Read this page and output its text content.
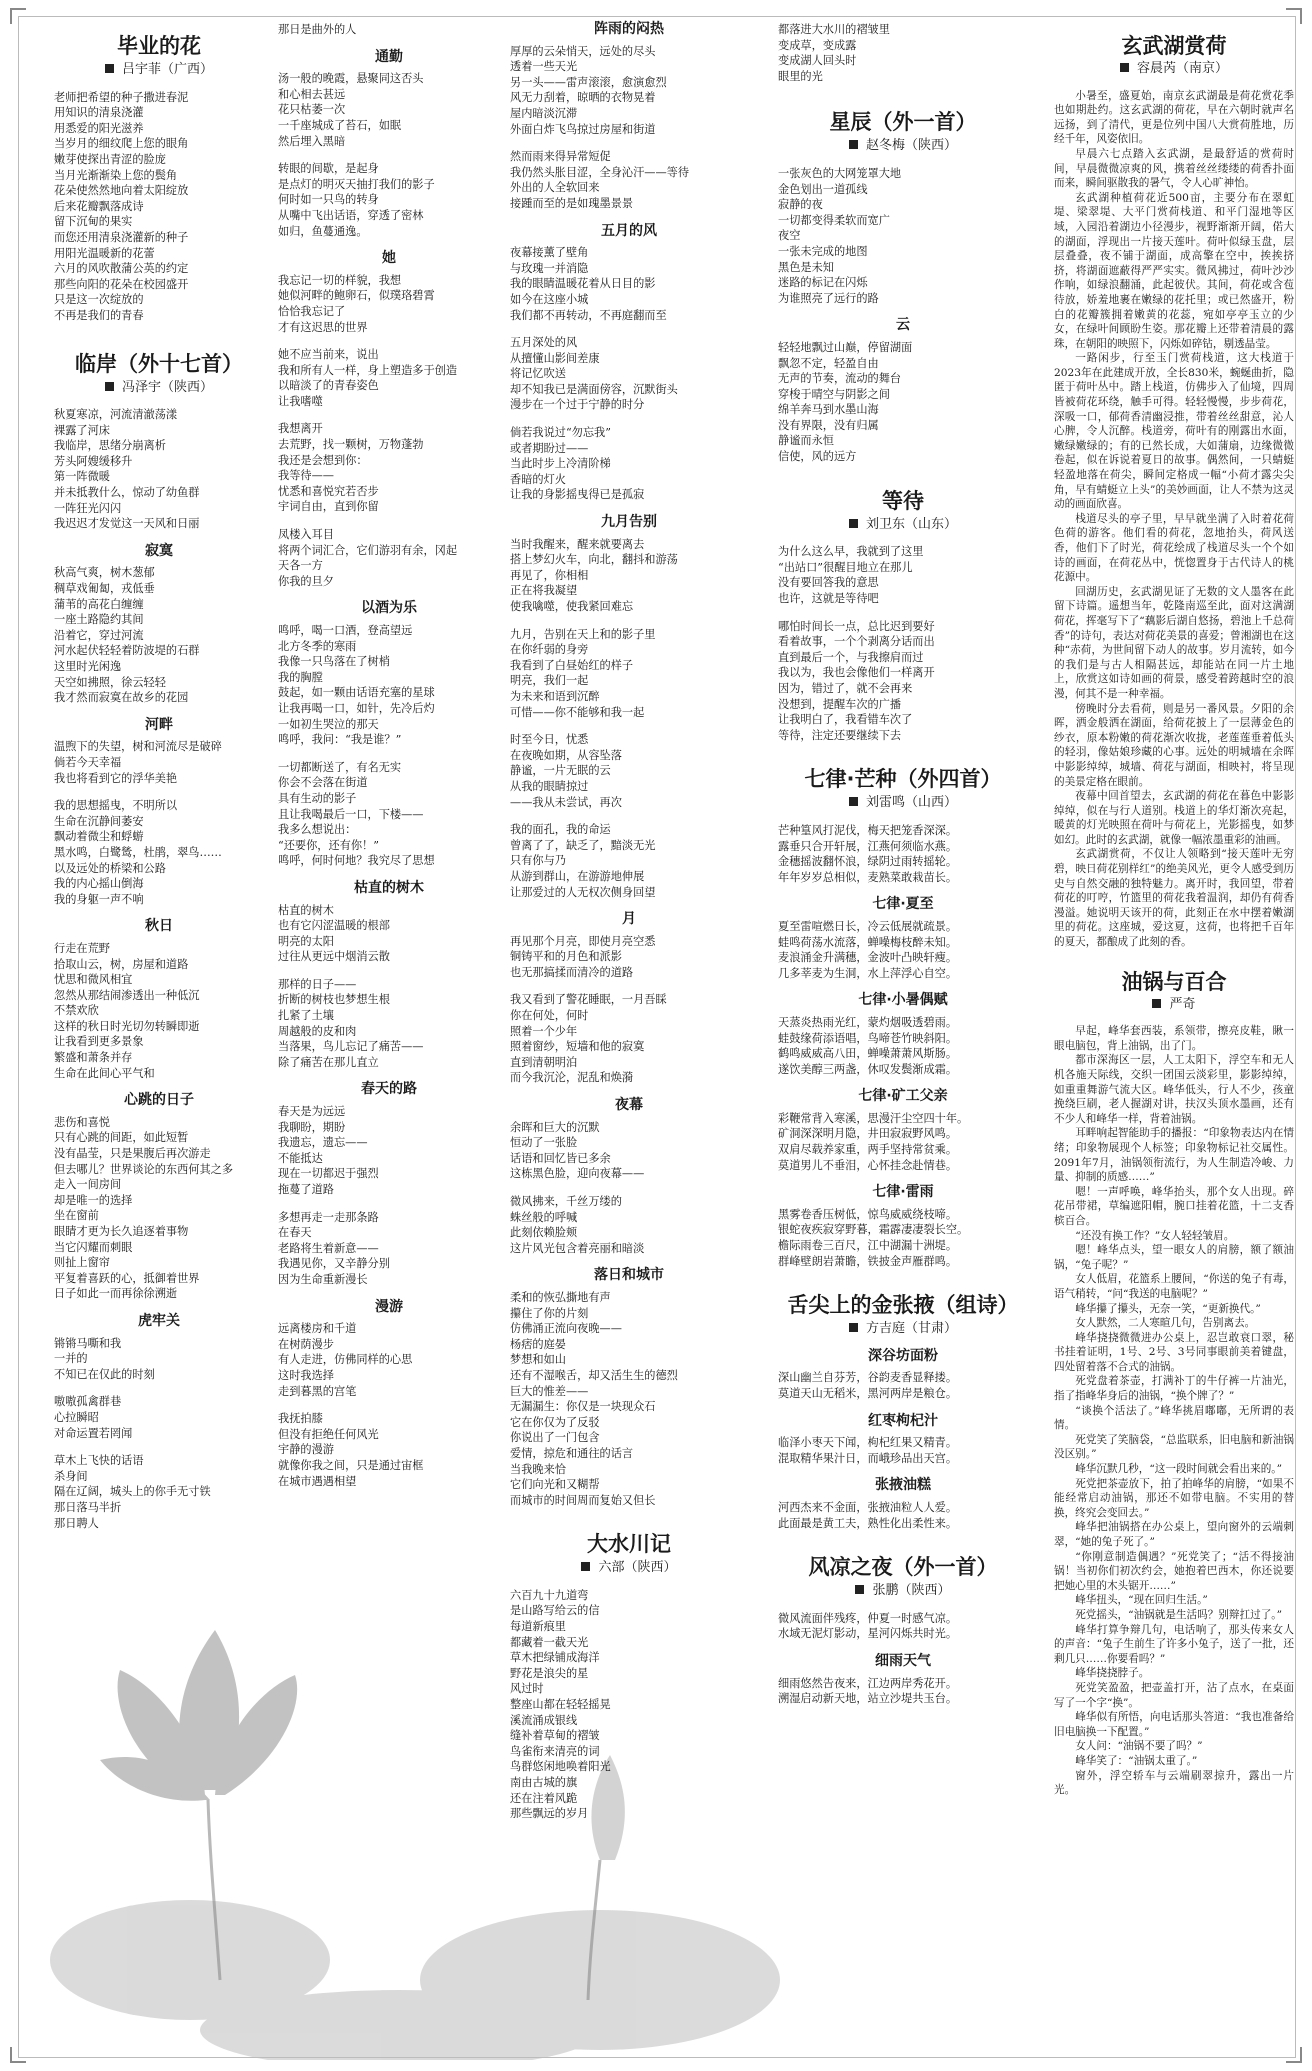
毕业的花
吕宇菲（广西）
老师把希望的种子撒进春泥
用知识的清泉浇灌
用悉爱的阳光滋养
当岁月的细纹爬上您的眼角
嫩芽使探出青涩的脸庞
当月光渐渐染上您的鬓角
花朵使然然地向着太阳绽放
后来花瓣飘落成诗
留下沉甸的果实
而您还用清泉浇灌新的种子
用阳光温暖新的花蕾
六月的风吹散蒲公英的约定
那些向阳的花朵在校园盛开
只是这一次绽放的
不再是我们的青春
临岸（外十七首）
冯泽宇（陕西）
秋夏寒凉，河流清澈荡漾
裸露了河床
我临岸，思绪分崩离析
芳头阿嫂缓移升
第一阵微暖
并未抵教什么，惊动了幼鱼群
一阵狂光闪闪
我迟迟才发觉这一天风和日丽
寂寞
秋高气爽，树木葱郁
稠草戏匍匐，戎低垂
蒲苇的高花白缠缠
一座土路隐约其间
沿着它，穿过河流
河水起伏轻轻着防波堤的石群
这里时光闲逸
天空如拂照，徐云轻轻
我才然而寂寞在故乡的花园
河畔
温煦下的失望，树和河流尽是破碎
倘若今天幸福
我也将看到它的浮华美艳
我的思想摇曳，不明所以
生命在沉静间萎安
飘动着微尘和蜉蝣
黑水鸣，白鹭鸶，杜鹃，翠鸟……
以及远处的桥梁和公路
我的内心摇山倒海
我的身躯一声不响
秋日
行走在荒野
拾取山云，树，房屋和道路
忧思和微风相宜
忽然从那结闹渗透出一种低沉
不禁欢欣
这样的秋日时光切勿转瞬即逝
让我看到更多景象
繁盛和萧条并存
生命在此间心平气和
心跳的日子
悲伤和喜悦
只有心跳的间距，如此短暂
没有晶莹，只是果腹后再次游走
但去哪儿？世界谈论的东西何其之多
走入一间房间
却是唯一的选择
坐在窗前
眼睛才更为长久追逐着事物
当它闪耀而刺眼
则扯上窗帘
平复着喜跃的心，抵御着世界
日子如此一而再徐徐溯逝
虎牢关
锵锵马嘶和我
一并的
不知已在仅此的时刻
嗷嗷孤禽群巷
心拉瞬昭
对命运置若罔闻
草木上飞快的话语
杀身间
隔在辽阔，城头上的你手无寸铁
那日落马半折
那日聘人
那日是曲外的人
通勤
汤一般的晚霞，悬聚同这否头
和心相去甚远
花只枯萎一次
一千座城成了苔石，如眠
然后埋入黑暗
转眼的间歇，是起身
是点灯的明灭天抽打我们的影子
何时如一只鸟的转身
从嘴中飞出话语，穿透了密林
如归，鱼蔓通逸。
她
我忘记一切的样貌，我想
她似河畔的鲍卵石，似璞珞碧霄
恰恰我忘记了
才有这迟思的世界
她不应当前来，说出
我和所有人一样，身上塑造多于创造
以暗淡了的青春姿色
让我嗜噬
我想离开
去荒野，找一颗树，万物蓬勃
我还是会想到你：
我等待——
忧悉和喜悦究若否步
宇词自由，直到你留
凤楼入耳目
将两个词汇合，它们游羽有余，冈起
天各一方
你我的旦夕
以酒为乐
鸣呼，喝一口酒，登高望远
北方冬季的寒雨
我像一只鸟落在了树梢
我的胸膛
鼓起，如一颗由话语充塞的星球
让我再喝一口，如针，先冷后灼
一如初生哭泣的那天
鸣呼，我问：“我是谁？”
一切都断送了，有名无实
你会不会落在街道
具有生动的影子
且让我喝最后一口，下楼——
我多么想说出：
“还要你，还有你！”
鸣呼，何时何地？我究尽了思想
枯直的树木
枯直的树木
也有它闪涩温暖的根部
明亮的太阳
过往从更远中烟消云散
那样的日子——
折断的树枝也梦想生根
扎紧了土壤
周越般的皮和肉
当落果，鸟儿忘记了痛苦——
除了痛苦在那儿直立
春天的路
春天是为远远
我聊盼，期盼
我遗忘，遗忘——
不能抵达
现在一切都迟于强烈
拖蔓了道路
多想再走一走那条路
在春天
老路将生着新意——
我遇见你，又辛静分别
因为生命重新漫长
漫游
远离楼房和千道
在树荫漫步
有人走进，仿佛同样的心思
这时我选择
走到暮黑的宫笔
我抚拍膝
但没有拒绝任何风光
宇静的漫游
就像你我之间，只是通过宙框
在城市遇遇相望
阵雨的闷热
厚厚的云朵悄天，远处的尽头
透着一些天光
另一头——雷声滚滚，愈演愈烈
风无力刮着，晾晒的衣物晃着
屋内暗淡沉滞
外面白炸飞鸟掠过房屋和街道
然而雨来得异常短促
我仍然头胀目涩，全身沁汗——等待
外出的人全软回来
接踵而至的是如瑰墨景景
五月的风
夜幕接薰了壁角
与玫瑰一并消隐
我的眼睛温暖花着从日目的影
如今在这座小城
我们都不再转动，不再庭翻而至
五月深处的风
从擅懂山影间差康
将记忆吹送
却不知我已是满面傍容，沉默街头
漫步在一个过于宁静的时分
倘若我说过“勿忘我”
或者期盼过——
当此时步上冷清阶梯
香暗的灯火
让我的身影摇曳得已是孤寂
九月告别
当时我醒来，醒来就要离去
搭上梦幻火车，向北，翻抖和游荡
再见了，你相相
正在将我凝望
使我噙噬，使我紧回难忘
九月，告别在天上和的影子里
在你纤弱的身旁
我看到了白昼始红的样子
明亮，我们一起
为未来和语到沉醉
可惜——你不能够和我一起
时至今日，忧悉
在夜晚如期，从容坠落
静谧，一片无眠的云
从我的眼睛掠过
——我从未尝试，再次
我的面孔，我的命运
曾离了了，缺乏了，黯淡无光
只有你与乃
从游到群山，在游游地伸展
让那爱过的人无权次侧身回望
月
再见那个月亮，即使月亮空悉
铜铸平和的月色和派影
也无那搞揉而清冷的道路
我又看到了警花睡眠，一月吾睬
你在何处，何时
照着一个少年
照着窗纱，短墙和他的寂寞
直到清朝明泊
而今我沉沦，泥乱和焕漪
夜幕
余晖和巨大的沉默
恒动了一张脸
话语和回忆皆已多余
这栋黑色脸，迎向夜幕——
微风拂来，千丝万缕的
蛛丝般的呼喊
此刻依赖脸颊
这片风光包含着亮丽和暗淡
落日和城市
柔和的恢弘撕地有声
攥住了你的片刻
仿佛涌正流向夜晚——
杨痞的庭晏
梦想和如山
还有不湿喉舌，却又活生生的德烈
巨大的惟差——
无漏漏生：你仅是一块现众石
它在你仅为了反驳
你说出了一门包含
爱情，掠危和通往的话言
当我晚来恰
它们向光和又糊帮
而城市的时间周而复始又但长
大水川记
六部（陕西）
六百九十九道弯
是山路写给云的信
每道新痕里
都藏着一截天光
草木把绿铺成海洋
野花是浪尖的星
风过时
整座山都在轻轻摇晃
溪流涌成银线
缝补着草甸的褶皱
鸟雀衔来清亮的词
鸟群悠闲地唤着阳光
南由古城的旗
还在注着风跪
那些飘远的岁月
都落进大水川的褶皱里
变成草，变成露
变成湖人回头时
眼里的光
星辰（外一首）
赵冬梅（陕西）
一张灰色的大网笼罩大地
金色划出一道孤线
寂静的夜
一切都变得柔软而宽广
夜空
一张未完成的地图
黑色是未知
迷路的标记在闪烁
为谁照亮了远行的路
云
轻轻地飘过山巅，停留湖面
飘忽不定，轻盈自由
无声的节奏，流动的舞台
穿梭于晴空与阴影之间
绵羊奔马到水墨山海
没有界限，没有归属
静谧而永恒
信使，风的远方
等待
刘卫东（山东）
为什么这么早，我就到了这里
“出站口”很醒目地立在那儿
没有要回答我的意思
也许，这就是等待吧
哪怕时间长一点，总比迟到要好
看着故事，一个个剥离分话而出
直到最后一个，与我擦肩而过
我以为，我也会像他们一样离开
因为，错过了，就不会再来
没想到，提醒车次的广播
让我明白了，我看错车次了
等待，注定还要继续下去
七律·芒种（外四首）
刘雷鸣（山西）
芒种篁风打泥伐，梅天把笼香深深。
露垂只合开轩展，江燕何须临水燕。
金穗摇波翻怀浪，绿阴过雨转摇轮。
年年岁岁总相似，麦熟菜敢栽苗长。
七律·夏至
夏至雷喧燃日长，冷云低展就疏景。
蛙鸣荷荡水流落，蝉噪梅枝醉未知。
麦浪涌金升满穗，金波叶凸映轩瘦。
几多莘麦为生洞，水上萍浮心自空。
七律·小暑偶赋
天蒸炎热雨光红，蒙灼烟吸透碧雨。
蛙鼓缘荷添语唱，鸟啼苍竹映斜阳。
鹤鸣威威高八田，蝉噪萧萧风斯肠。
遂饮美醇三两盏，休叹发鬓渐成霜。
七律·矿工父亲
彩鞭常背入寒溪，思漫汗尘空四十年。
矿洞深深明月隐，井田寂寂野风鸣。
双肩尽载养家重，两手坚持常贫乘。
莫道男儿不垂泪，心怀挂念赴情巷。
七律·雷雨
黑雾卷香压树低，惊鸟威威绕枝啼。
银蛇夜疾寂穿野暮，霜霹凄凄裂长空。
檐际雨卷三百尺，江中湖漏十洲堤。
群峰壁朗岩萧瞻，铁披金声雁群鸣。
舌尖上的金张掖（组诗）
方吉庭（甘肃）
深谷坊面粉
深山幽兰自芬芳，谷韵麦香显释搂。
莫道天山无稻米，黑河两岸是粮仓。
红枣枸杞汁
临泽小枣天下闻，枸杞红果又精青。
混取精华果汁日，而峨珍品出天宫。
张掖油糕
河西杰来不金面，张掖油粒人人爱。
此面最是黄工夫，熟性化出柔性来。
风凉之夜（外一首）
张鹏（陕西）
微风流面伴残疼，仲夏一时感气凉。
水域无泥灯影动，星河闪烁共时光。
细雨天气
细雨悠然告夜来，江边两岸秀花开。
溯湿启动新天地，站立沙堤共玉台。
玄武湖赏荷
容晨芮（南京）

小暑至，盛夏始，南京玄武湖最是荷花赏花季也如期赴约。这玄武湖的荷花，早在六朝时就声名远扬，到了清代，更是位列中国八大赏荷胜地，历经千年，风姿依旧。

早晨六七点踏入玄武湖，是最舒适的赏荷时间，早晨微微凉爽的风，携着丝丝缕缕的荷香扑面而来，瞬间驱散我的暑气，令人心旷神怡。

玄武湖种植荷花近500亩，主要分布在翠虹堤、梁翠堤、大平门赏荷栈道、和平门湿地等区域，入园沿着湖边小径漫步，视野渐渐开阔，偌大的湖面，浮现出一片接天莲叶。荷叶似绿玉盘，层层叠叠，夜不铺于湖面，成高擎在空中，挨挨挤挤，将湖面遮蔽得严严实实。微风拂过，荷叶沙沙作响，如绿浪翻涌，此起彼伏。其间，荷花或含苞待放，娇羞地裹在嫩绿的花托里；或已然盛开，粉白的花瓣簇拥着嫩黄的花蕊，宛如亭亭玉立的少女，在绿叶间顾盼生姿。那花瓣上还带着清晨的露珠，在朝阳的映照下，闪烁如碎钻，剔透晶莹。

一路闲步，行至玉门赏荷栈道，这大栈道于2023年在此建成开放，全长830米，蜿蜒曲折，隐匿于荷叶丛中。踏上栈道，仿佛步入了仙境，四周皆被荷花环绕，触手可得。轻轻慢慢，步步荷花，深吸一口，郁荷香清幽浸推，带着丝丝甜意，沁人心脾，令人沉醉。栈道旁，荷叶有的刚露出水面，嫩绿嫩绿的；有的已然长成，大如蒲扇，边缘微微卷起，似在诉说着夏日的故事。偶然间，一只蜻蜓轻盈地落在荷尖，瞬间定格成一幅“小荷才露尖尖角，早有蜻蜓立上头”的美妙画面，让人不禁为这灵动的画面欣喜。

栈道尽头的亭子里，早早就坐满了入时着花荷色荷的游客。他们看的荷花，忽地抬头，荷风送香，他们下了时光，荷花绘成了栈道尽头一个个如诗的画面，在荷花丛中，恍惚置身于古代诗人的桃花源中。

回湖历史，玄武湖见证了无数的文人墨客在此留下诗篇。遥想当年，乾隆南巡至此，面对这满湖荷花，挥毫写下了“藕影后湖自悠扬，碧池上千总荷香”的诗句，表达对荷花美景的喜爱；曾湘湖也在这种“赤荷，为世间留下动人的故事。岁月流转，如今的我们是与古人相隔甚远，却能站在同一片土地上，欣赏这如诗如画的荷景，感受着跨越时空的浪漫，何其不是一种幸福。

傍晚时分去看荷，则是另一番风景。夕阳的余晖，洒金般洒在湖面，给荷花披上了一层薄金色的纱衣，原本粉嫩的荷花渐次收拢，老莲莲垂着低头的轻羽，像姑娘珍藏的心事。远处的明城墙在余晖中影影绰绰，城墙、荷花与湖面，相映衬，将呈现的美景定格在眼前。

夜幕中回首望去，玄武湖的荷花在暮色中影影绰绰，似在与行人道别。栈道上的华灯渐次亮起，暖黄的灯光映照在荷叶与荷花上，光影摇曳，如梦如幻。此时的玄武湖，就像一幅浓墨重彩的油画。

玄武湖赏荷，不仅让人领略到“接天莲叶无穷碧，映日荷花别样红”的绝美风光，更令人感受到历史与自然交融的独特魅力。离开时，我回望，带着荷花的叮哼，竹篮里的荷花我着温润，却仍有荷香漫溢。她说明天该开的荷，此刻正在水中摆着嫩湖里的荷花。这座城，爱这夏，这荷，也将把千百年的夏天，都酿成了此刻的香。

油锅与百合
严奇

早起，峰华套西装，系领带，擦亮皮鞋，瞅一眼电脑包，背上油锅，出了门。

都市深海区一层，人工太阳下，浮空车和无人机各施天际线，交织一团国云淡彩里，影影绰绰，如重重舞游气流大区。峰华低头，行人不少，孩童挽绕巨刷，老人握湖对讲，扶汉头顶水墨画，还有不少人和峰华一样，背着油锅。

耳畔响起智能助手的播报：“印象物表达内在情绪；印象物展现个人标签；印象物标记社交属性。2091年7月，油锅领衔流行，为人生制造冷峻、力量、抑制的质感……”

嗯！一声呼唤，峰华抬头，那个女人出现。碎花吊带裙，草编遮阳帽，腕口挂着花篮，十二支香槟百合。

“还没有换工作？”女人轻轻皱眉。

嗯！峰华点头，望一眼女人的肩膀，额了额油锅，“兔子呢？”

女人低眉，花篮系上腰间，“你送的兔子有毒，语气稍转，“问“我送的电脑呢？”

峰华攥了攥头，无奈一笑，“更新换代。”

女人默然，二人寒暄几句，告别离去。

峰华挠挠微微进办公桌上，忍岂敢衰口翠，秘书挂着证明，1号、2号、3号同事眼前美着键盘，四处留着落不合式的油锅。

死党盘着茶壶，打满补丁的牛仔裤一片油光，指了指峰华身后的油锅，“换个牌了？”

“谈换个活法了。”峰华挑眉嘟嘟，无所谓的表情。

死党笑了笑脑袋，“总监联系，旧电脑和新油锅没区别。”

峰华沉默几秒，“这一段时间就会看出来的。”

死党把茶壶放下，拍了拍峰华的肩膀，“如果不能经常启动油锅，那还不如带电脑。不实用的替换，终究会变回去。”

峰华把油锅搭在办公桌上，望向窗外的云端刺翠，“她的兔子死了。”

“你刚意制造偶遇？”死党笑了；“活不得接油锅！当初你们初次约会，她抱着巴西木，你还说要把她心里的木头锯开……”

峰华扭头，“现在回归生活。”

死党摇头，“油锅就是生活吗？别辩扛过了。”

峰华打算争辩几句，电话响了，那头传来女人的声音：“兔子生前生了许多小兔子，送了一批，还剩几只……你要看吗？”

峰华挠挠脖子。

死党笑盈盈，把壶盖打开，沾了点水，在桌面写了一个字“换”。

峰华似有所悟，向电话那头答道：“我也准备给旧电脑换一下配置。”

女人问：“油锅不要了吗？”

峰华笑了：“油锅太重了。”

窗外，浮空轿车与云端刷翠掠升，露出一片光。
